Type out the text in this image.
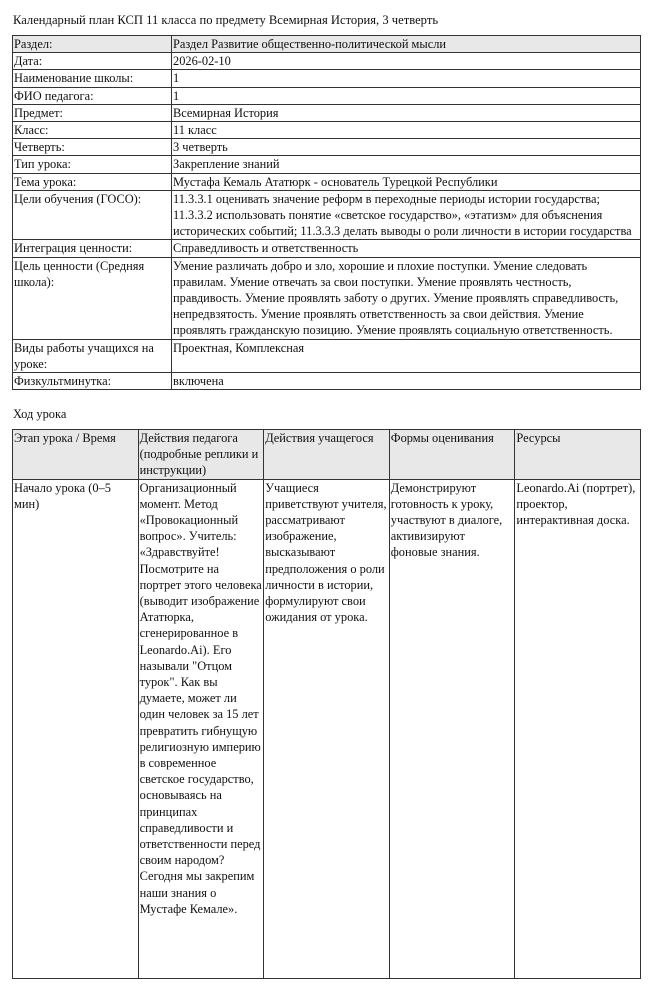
Календарный план КСП 11 класса по предмету Всемирная История, 3 четверть
Раздел:	Раздел Развитие общественно-политической мысли
Дата:	2026-02-10
Наименование школы:	1
ФИО педагога:	1
Предмет:	Всемирная История
Класс:	11 класс
Четверть:	3 четверть
Тип урока:	Закрепление знаний
Тема урока:	Мустафа Кемаль Ататюрк - основатель Турецкой Республики
Цели обучения (ГОСО):	11.3.3.1 оценивать значение реформ в переходные периоды истории государства; 11.3.3.2 использовать понятие «светское государство», «этатизм» для объяснения исторических событий; 11.3.3.3 делать выводы о роли личности в истории государства
Интеграция ценности:	Справедливость и ответственность
Цель ценности (Средняя школа):	Умение различать добро и зло, хорошие и плохие поступки. Умение следовать правилам. Умение отвечать за свои поступки. Умение проявлять честность, правдивость. Умение проявлять заботу о других. Умение проявлять справедливость, непредвзятость. Умение проявлять ответственность за свои действия. Умение проявлять гражданскую позицию. Умение проявлять социальную ответственность.
Виды работы учащихся на уроке:	Проектная, Комплексная
Физкультминутка:	включена
Ход урока
Этап урока / Время	Действия педагога (подробные реплики и инструкции)	Действия учащегося	Формы оценивания	Ресурсы
Начало урока (0–5 мин)	Организационный момент. Метод «Провокационный вопрос». Учитель: «Здравствуйте! Посмотрите на портрет этого человека (выводит изображение Ататюрка, сгенерированное в Leonardo.Ai). Его называли "Отцом турок". Как вы думаете, может ли один человек за 15 лет превратить гибнущую религиозную империю в современное светское государство, основываясь на принципах справедливости и ответственности перед своим народом? Сегодня мы закрепим наши знания о Мустафе Кемале».	Учащиеся приветствуют учителя, рассматривают изображение, высказывают предположения о роли личности в истории, формулируют свои ожидания от урока.	Демонстрируют готовность к уроку, участвуют в диалоге, активизируют фоновые знания.	Leonardo.Ai (портрет), проектор, интерактивная доска.
